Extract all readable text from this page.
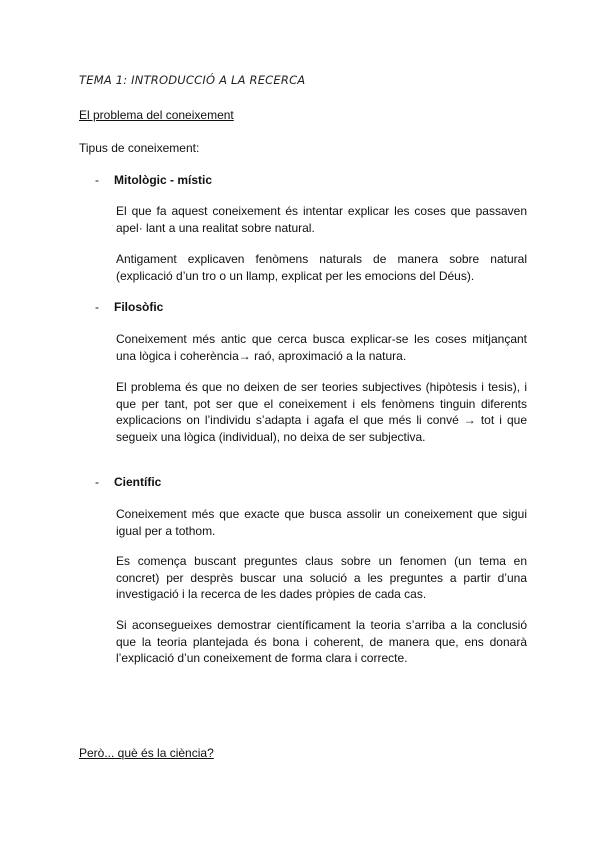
TEMA 1: INTRODUCCIÓ A LA RECERCA
El problema del coneixement
Tipus de coneixement:
- Mitològic - místic
El que fa aquest coneixement és intentar explicar les coses que passaven apel· lant a una realitat sobre natural.
Antigament explicaven fenòmens naturals de manera sobre natural (explicació d’un tro o un llamp, explicat per les emocions del Déus).
- Filosòfic
Coneixement més antic que cerca busca explicar-se les coses mitjançant una lògica i coherència→ raó, aproximació a la natura.
El problema és que no deixen de ser teories subjectives (hipòtesis i tesis), i que per tant, pot ser que el coneixement i els fenòmens tinguin diferents explicacions on l’individu s’adapta i agafa el que més li convé → tot i que segueix una lògica (individual), no deixa de ser subjectiva.
- Científic
Coneixement més que exacte que busca assolir un coneixement que sigui igual per a tothom.
Es comença buscant preguntes claus sobre un fenomen (un tema en concret) per desprès buscar una solució a les preguntes a partir d’una investigació i la recerca de les dades pròpies de cada cas.
Si aconsegueixes demostrar científicament la teoria s’arriba a la conclusió que la teoria plantejada és bona i coherent, de manera que, ens donarà l’explicació d’un coneixement de forma clara i correcte.
Però... què és la ciència?
